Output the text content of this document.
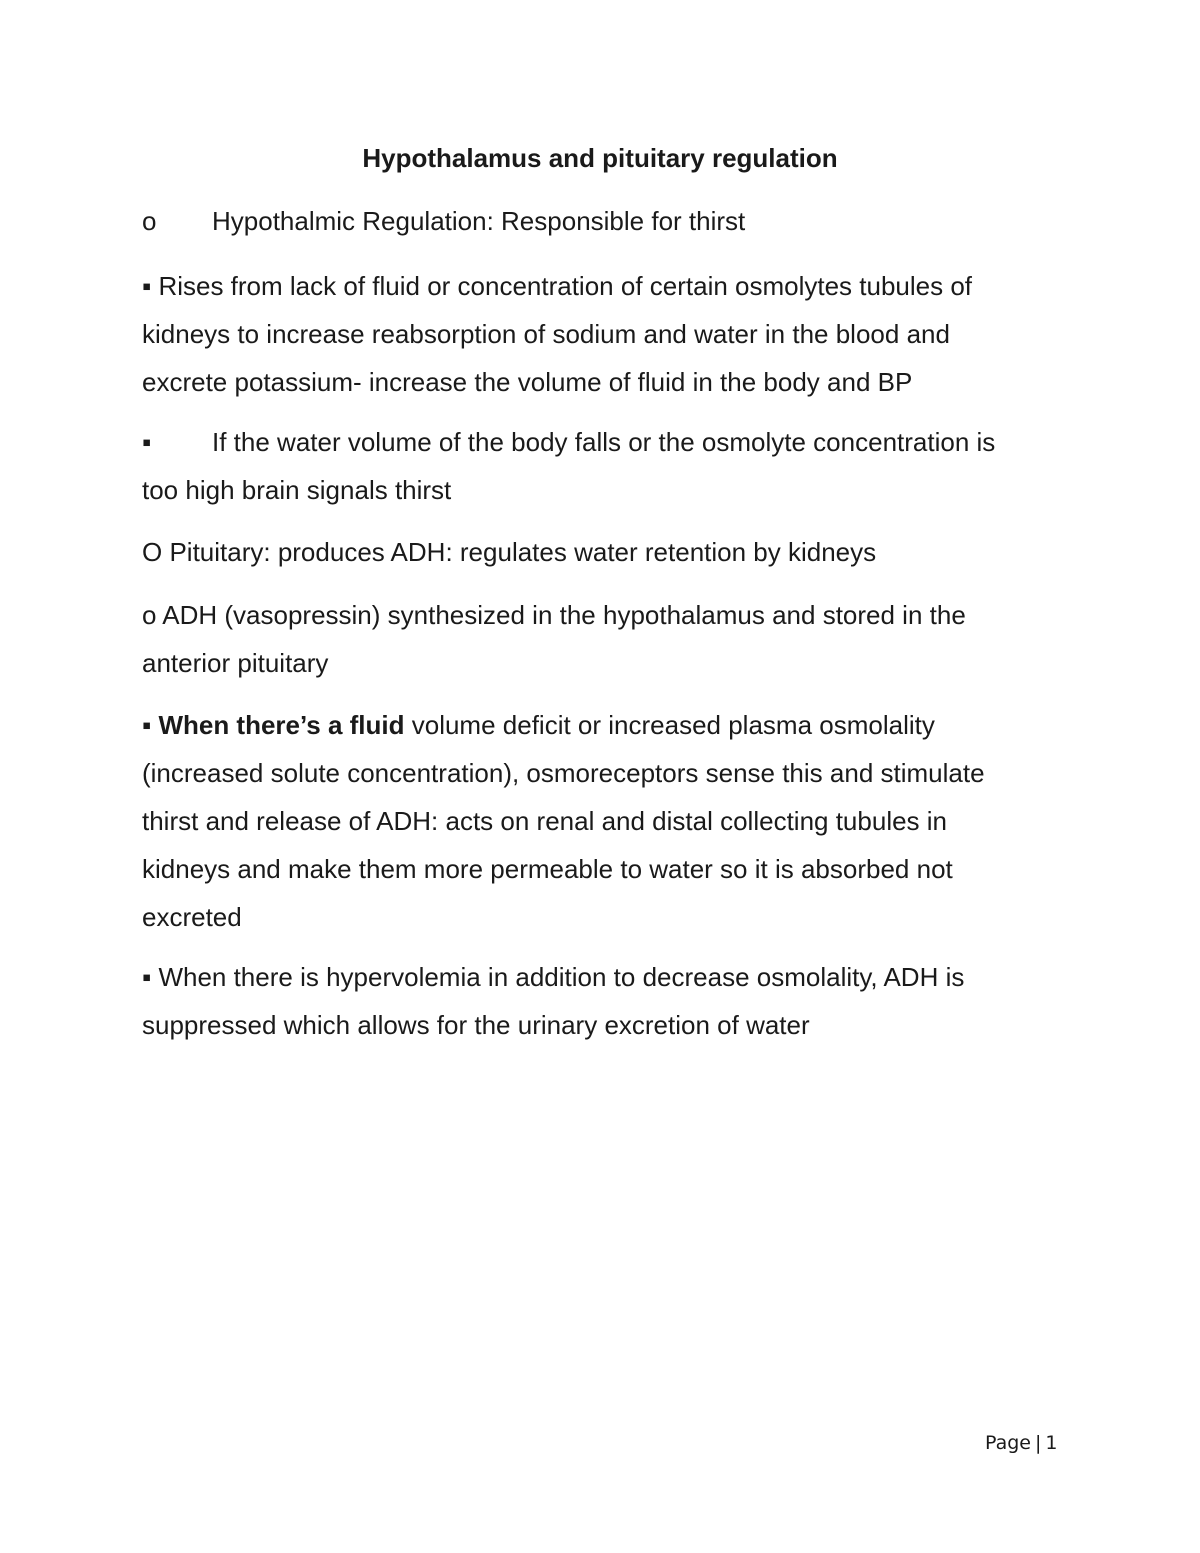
Hypothalamus and pituitary regulation

o Hypothalmic Regulation: Responsible for thirst

▪ Rises from lack of fluid or concentration of certain osmolytes tubules of
kidneys to increase reabsorption of sodium and water in the blood and
excrete potassium- increase the volume of fluid in the body and BP

▪ If the water volume of the body falls or the osmolyte concentration is
too high brain signals thirst

O Pituitary: produces ADH: regulates water retention by kidneys

o ADH (vasopressin) synthesized in the hypothalamus and stored in the
anterior pituitary

▪ When there’s a fluid volume deficit or increased plasma osmolality
(increased solute concentration), osmoreceptors sense this and stimulate
thirst and release of ADH: acts on renal and distal collecting tubules in
kidneys and make them more permeable to water so it is absorbed not
excreted

▪ When there is hypervolemia in addition to decrease osmolality, ADH is
suppressed which allows for the urinary excretion of water

Page | 1
